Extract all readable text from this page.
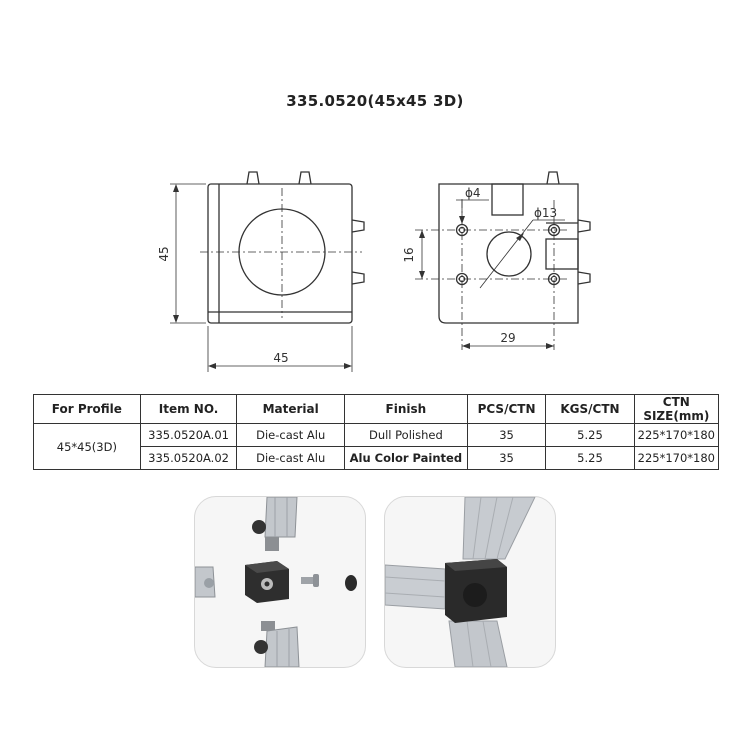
335.0520(45x45 3D)
45
45
ϕ4
ϕ13
16
29
For Profile	Item NO.	Material	Finish	PCS/CTN	KGS/CTN	CTN SIZE(mm)
45*45(3D)	335.0520A.01	Die-cast Alu	Dull Polished	35	5.25	225*170*180
	335.0520A.02	Die-cast Alu	Alu Color Painted	35	5.25	225*170*180
